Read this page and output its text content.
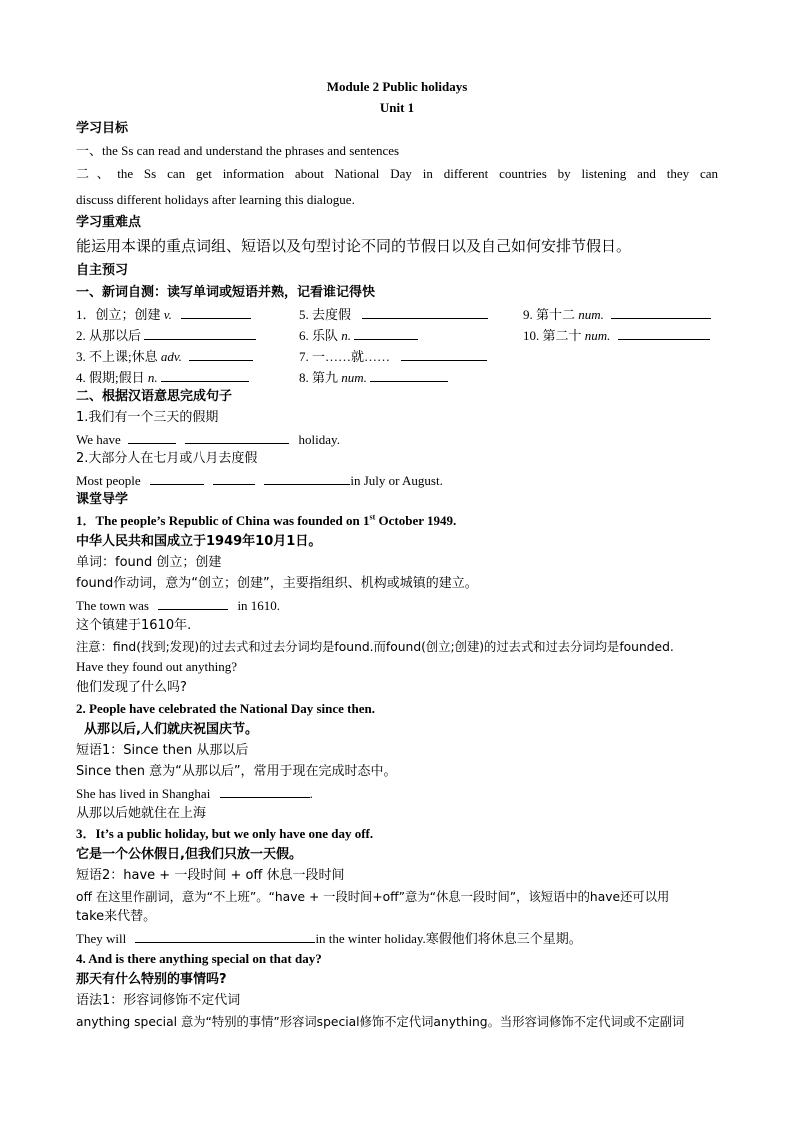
Module 2 Public holidays
Unit 1
学习目标
一、the Ss can read and understand the phrases and sentences
二、the Ss can get information about National Day in different countries by listening and they can
discuss different holidays after learning this dialogue.
学习重难点
能运用本课的重点词组、短语以及句型讨论不同的节假日以及自己如何安排节假日。
自主预习
一、新词自测：读写单词或短语并熟，记看谁记得快
1．创立；创建 v.	5. 去度假	9. 第十二 num.
2. 从那以后	6. 乐队 n.	10. 第二十 num.
3. 不上课;休息 adv.	7. 一……就……
4. 假期;假日 n.	8. 第九 num.
二、根据汉语意思完成句子
1.我们有一个三天的假期
We have	holiday.
2.大部分人在七月或八月去度假
Most people	in July or August.
课堂导学
1．The people’s Republic of China was founded on 1st October 1949.
中华人民共和国成立于1949年10月1日。
单词：found 创立；创建
found作动词，意为“创立；创建”，主要指组织、机构或城镇的建立。
The town was	in 1610.
这个镇建于1610年.
注意：find(找到;发现)的过去式和过去分词均是found.而found(创立;创建)的过去式和过去分词均是founded.
Have they found out anything?
他们发现了什么吗?
2. People have celebrated the National Day since then.
从那以后,人们就庆祝国庆节。
短语1：Since then 从那以后
Since then 意为“从那以后”，常用于现在完成时态中。
She has lived in Shanghai	.
从那以后她就住在上海
3．It’s a public holiday, but we only have one day off.
它是一个公休假日,但我们只放一天假。
短语2：have + 一段时间 + off 休息一段时间
off 在这里作副词，意为“不上班”。“have + 一段时间+off”意为“休息一段时间”，该短语中的have还可以用
take来代替。
They will	in the winter holiday.寒假他们将休息三个星期。
4. And is there anything special on that day?
那天有什么特别的事情吗?
语法1：形容词修饰不定代词
anything special 意为“特别的事情”形容词special修饰不定代词anything。当形容词修饰不定代词或不定副词
